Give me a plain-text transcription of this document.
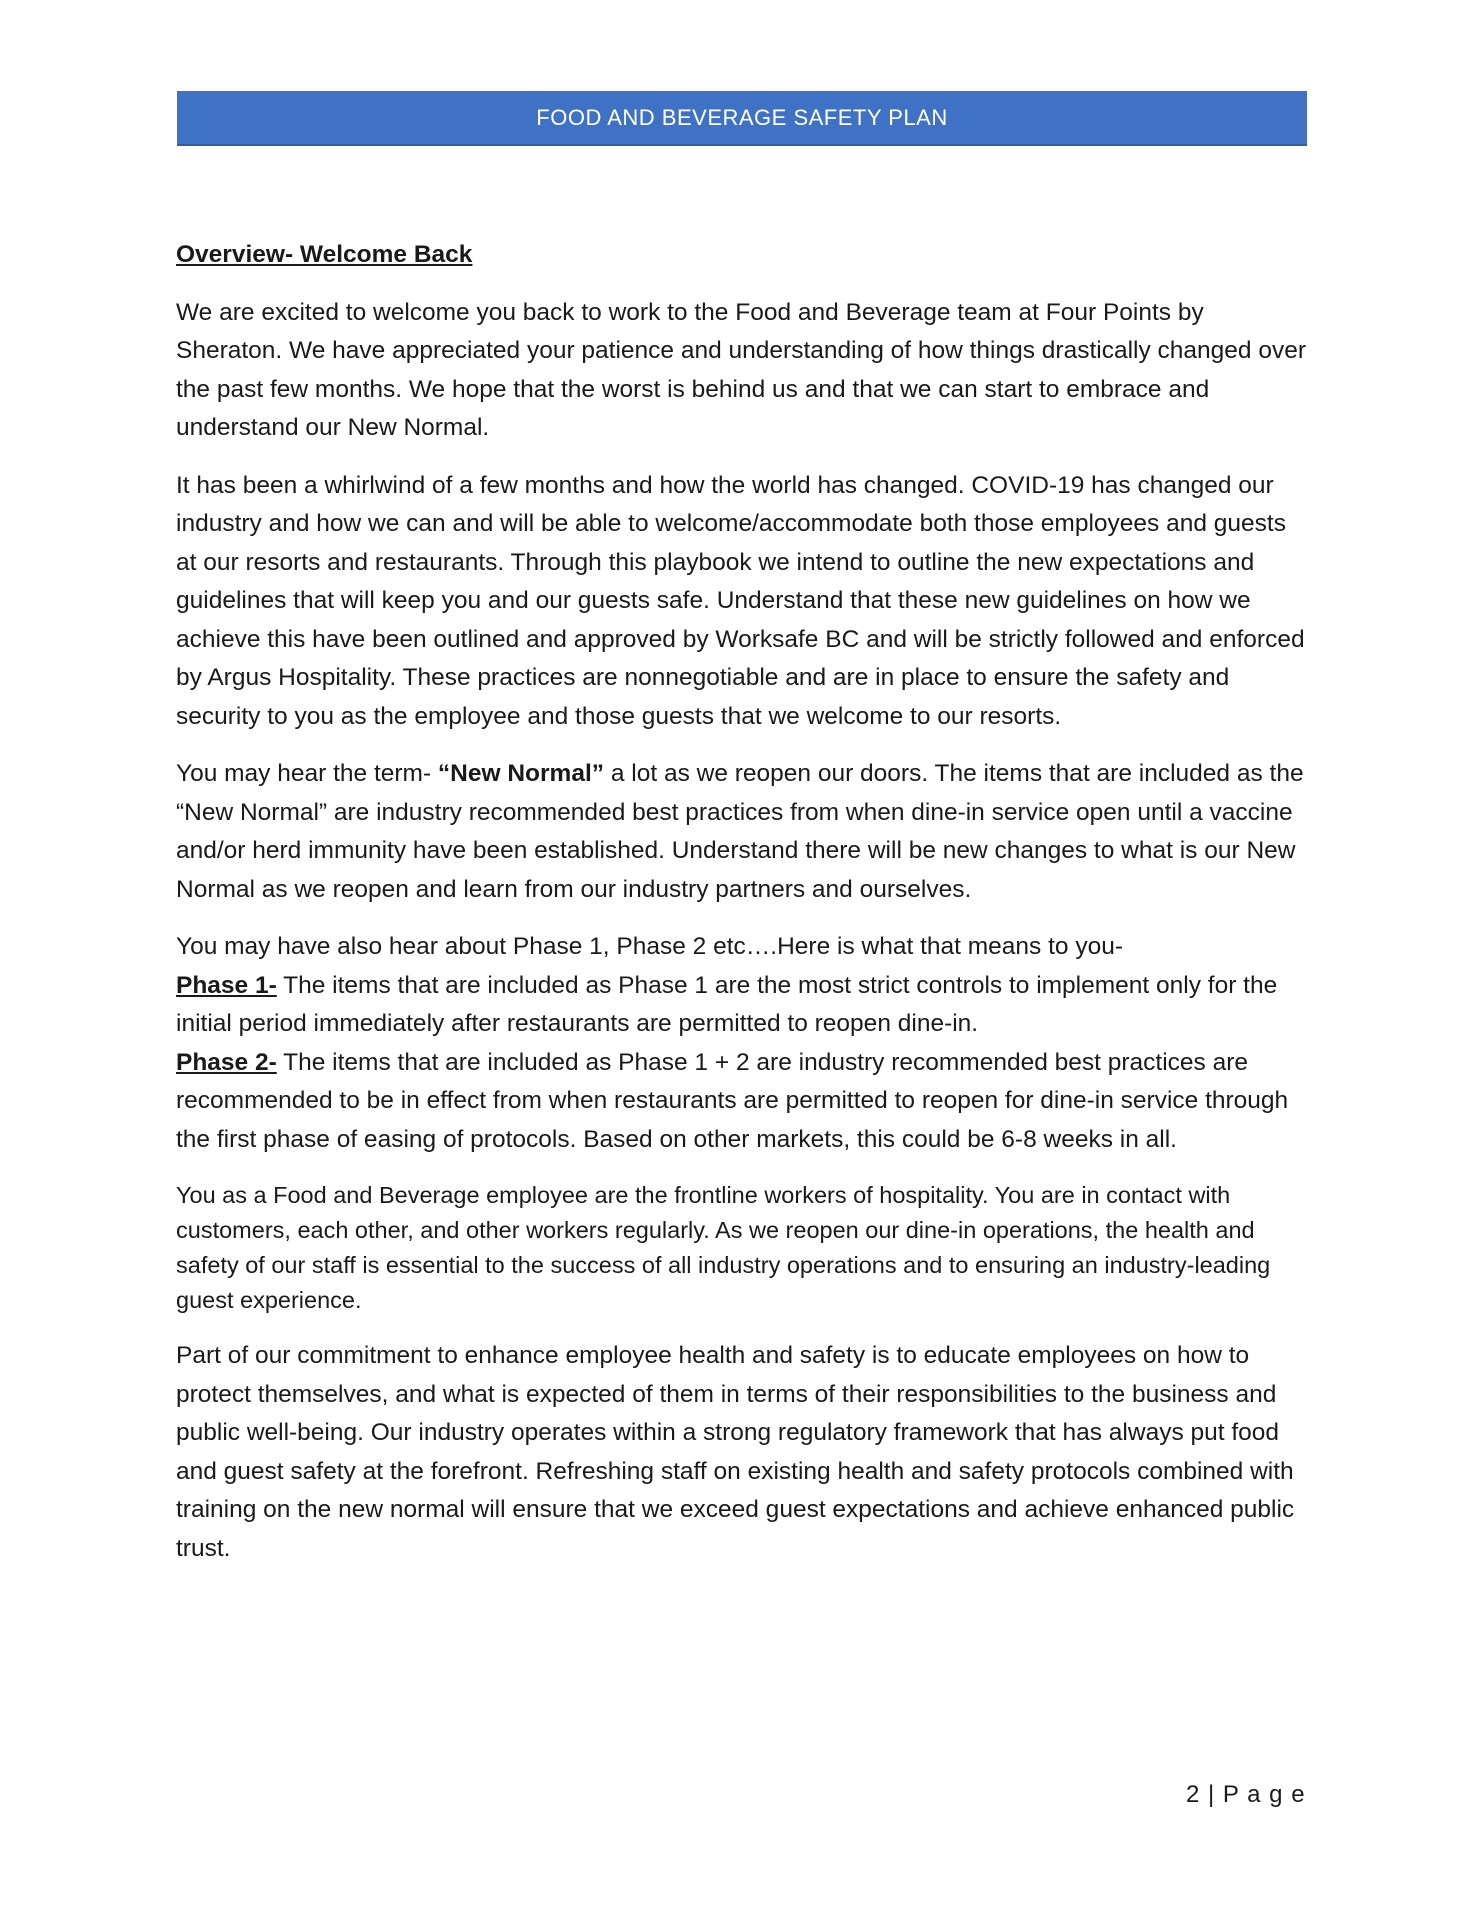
FOOD AND BEVERAGE SAFETY PLAN
Overview- Welcome Back

We are excited to welcome you back to work to the Food and Beverage team at Four Points by Sheraton. We have appreciated your patience and understanding of how things drastically changed over the past few months. We hope that the worst is behind us and that we can start to embrace and understand our New Normal.

It has been a whirlwind of a few months and how the world has changed. COVID-19 has changed our industry and how we can and will be able to welcome/accommodate both those employees and guests at our resorts and restaurants. Through this playbook we intend to outline the new expectations and guidelines that will keep you and our guests safe. Understand that these new guidelines on how we achieve this have been outlined and approved by Worksafe BC and will be strictly followed and enforced by Argus Hospitality. These practices are nonnegotiable and are in place to ensure the safety and security to you as the employee and those guests that we welcome to our resorts.

You may hear the term- “New Normal” a lot as we reopen our doors. The items that are included as the “New Normal” are industry recommended best practices from when dine-in service open until a vaccine and/or herd immunity have been established. Understand there will be new changes to what is our New Normal as we reopen and learn from our industry partners and ourselves.

You may have also hear about Phase 1, Phase 2 etc….Here is what that means to you-
Phase 1- The items that are included as Phase 1 are the most strict controls to implement only for the initial period immediately after restaurants are permitted to reopen dine-in.
Phase 2- The items that are included as Phase 1 + 2 are industry recommended best practices are recommended to be in effect from when restaurants are permitted to reopen for dine-in service through the first phase of easing of protocols. Based on other markets, this could be 6-8 weeks in all.

You as a Food and Beverage employee are the frontline workers of hospitality. You are in contact with customers, each other, and other workers regularly. As we reopen our dine-in operations, the health and safety of our staff is essential to the success of all industry operations and to ensuring an industry-leading guest experience.

Part of our commitment to enhance employee health and safety is to educate employees on how to protect themselves, and what is expected of them in terms of their responsibilities to the business and public well-being. Our industry operates within a strong regulatory framework that has always put food and guest safety at the forefront. Refreshing staff on existing health and safety protocols combined with training on the new normal will ensure that we exceed guest expectations and achieve enhanced public trust.

2 | P a g e
